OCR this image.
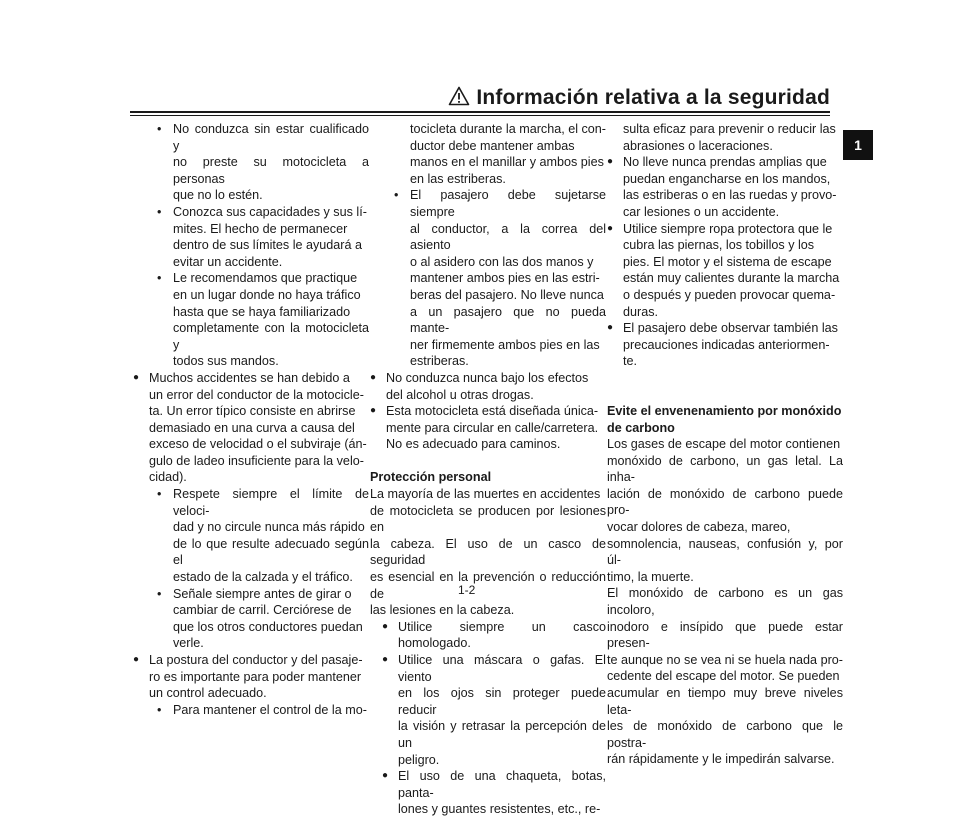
Información relativa a la seguridad
1

• No conduzca sin estar cualificado y
no preste su motocicleta a personas
que no lo estén.

• Conozca sus capacidades y sus lí-
mites. El hecho de permanecer
dentro de sus límites le ayudará a
evitar un accidente.

• Le recomendamos que practique
en un lugar donde no haya tráfico
hasta que se haya familiarizado
completamente con la motocicleta y
todos sus mandos.

● Muchos accidentes se han debido a
un error del conductor de la motocicle-
ta. Un error típico consiste en abrirse
demasiado en una curva a causa del
exceso de velocidad o el subviraje (án-
gulo de ladeo insuficiente para la velo-
cidad).

• Respete siempre el límite de veloci-
dad y no circule nunca más rápido
de lo que resulte adecuado según el
estado de la calzada y el tráfico.

• Señale siempre antes de girar o
cambiar de carril. Cerciórese de
que los otros conductores puedan
verle.

● La postura del conductor y del pasaje-
ro es importante para poder mantener
un control adecuado.

• Para mantener el control de la mo-

tocicleta durante la marcha, el con-
ductor debe mantener ambas
manos en el manillar y ambos pies
en las estriberas.

• El pasajero debe sujetarse siempre
al conductor, a la correa del asiento
o al asidero con las dos manos y
mantener ambos pies en las estri-
beras del pasajero. No lleve nunca
a un pasajero que no pueda mante-
ner firmemente ambos pies en las
estriberas.

● No conduzca nunca bajo los efectos
del alcohol u otras drogas.

● Esta motocicleta está diseñada única-
mente para circular en calle/carretera.
No es adecuado para caminos.

Protección personal

La mayoría de las muertes en accidentes
de motocicleta se producen por lesiones en
la cabeza. El uso de un casco de seguridad
es esencial en la prevención o reducción de
las lesiones en la cabeza.

● Utilice siempre un casco homologado.

● Utilice una máscara o gafas. El viento
en los ojos sin proteger puede reducir
la visión y retrasar la percepción de un
peligro.

● El uso de una chaqueta, botas, panta-
lones y guantes resistentes, etc., re-

sulta eficaz para prevenir o reducir las
abrasiones o laceraciones.

● No lleve nunca prendas amplias que
puedan engancharse en los mandos,
las estriberas o en las ruedas y provo-
car lesiones o un accidente.

● Utilice siempre ropa protectora que le
cubra las piernas, los tobillos y los
pies. El motor y el sistema de escape
están muy calientes durante la marcha
o después y pueden provocar quema-
duras.

● El pasajero debe observar también las
precauciones indicadas anteriormen-
te.

Evite el envenenamiento por monóxido
de carbono

Los gases de escape del motor contienen
monóxido de carbono, un gas letal. La inha-
lación de monóxido de carbono puede pro-
vocar dolores de cabeza, mareo,
somnolencia, nauseas, confusión y, por úl-
timo, la muerte.

El monóxido de carbono es un gas incoloro,
inodoro e insípido que puede estar presen-
te aunque no se vea ni se huela nada pro-
cedente del escape del motor. Se pueden
acumular en tiempo muy breve niveles leta-
les de monóxido de carbono que le postra-
rán rápidamente y le impedirán salvarse.

1-2
